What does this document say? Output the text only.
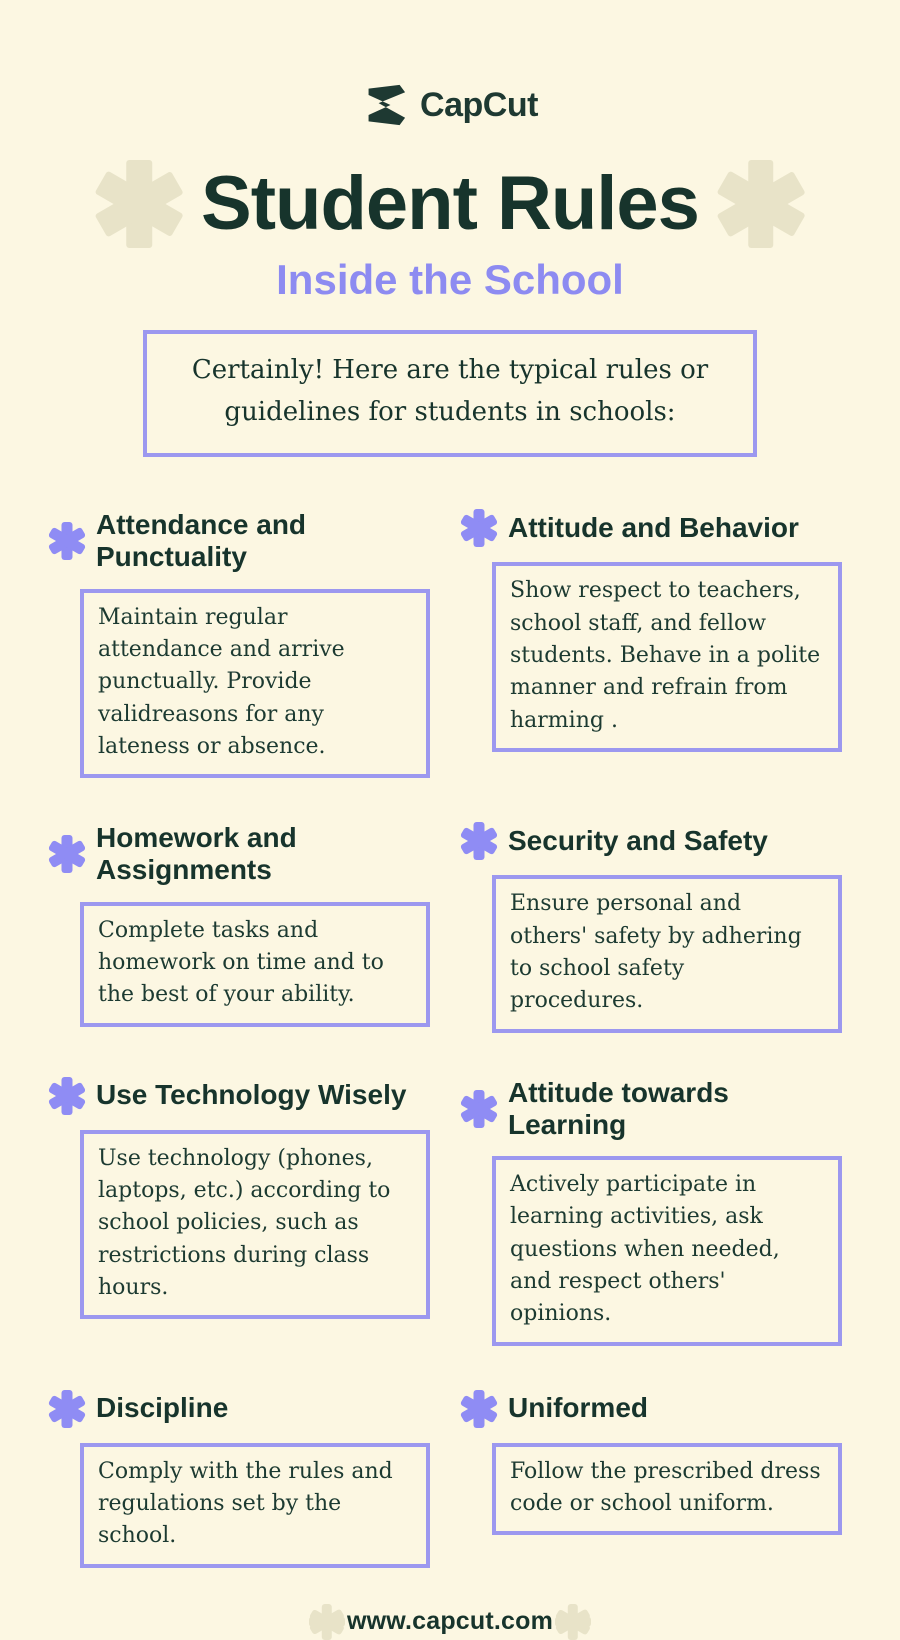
CapCut
Student Rules
Inside the School

Certainly! Here are the typical rules or guidelines for students in schools:

Attendance and Punctuality

Maintain regular attendance and arrive punctually. Provide validreasons for any lateness or absence.

Attitude and Behavior

Show respect to teachers, school staff, and fellow students. Behave in a polite manner and refrain from harming .

Homework and Assignments

Complete tasks and homework on time and to the best of your ability.

Security and Safety

Ensure personal and others' safety by adhering to school safety procedures.

Use Technology Wisely

Use technology (phones, laptops, etc.) according to school policies, such as restrictions during class hours.

Attitude towards Learning

Actively participate in learning activities, ask questions when needed, and respect others' opinions.

Discipline

Comply with the rules and regulations set by the school.

Uniformed

Follow the prescribed dress code or school uniform.

www.capcut.com
